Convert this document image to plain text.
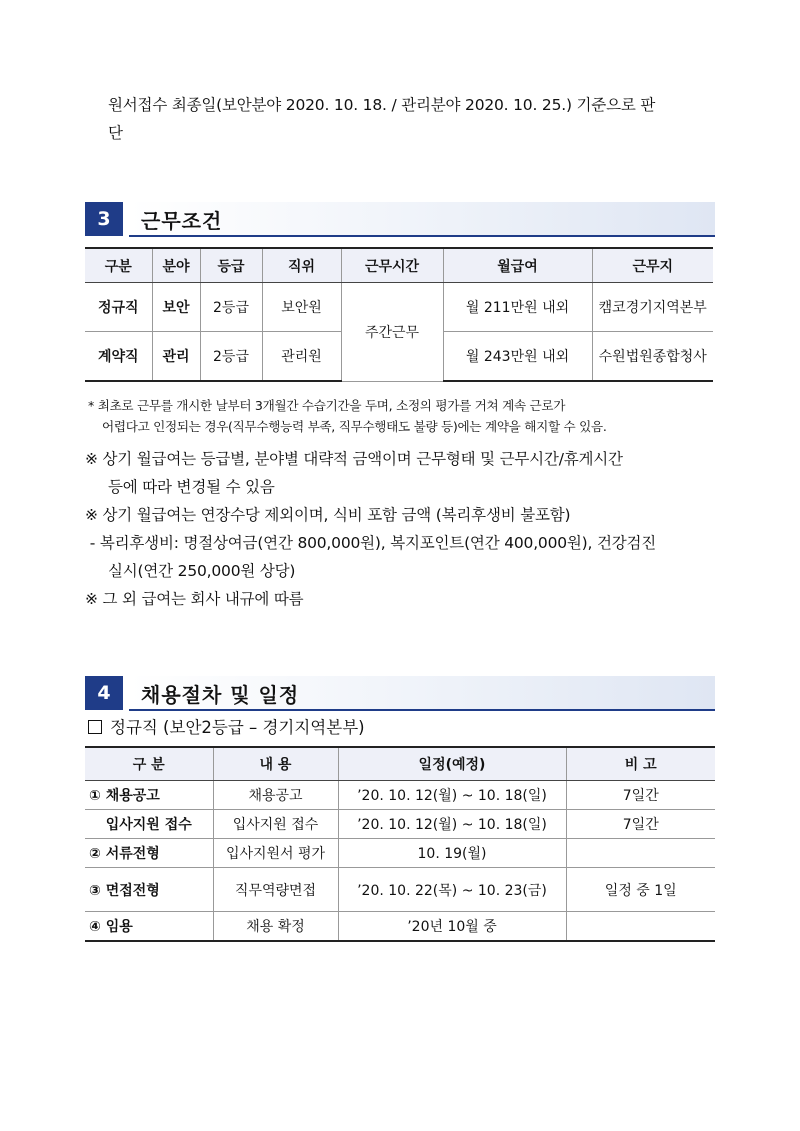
원서접수 최종일(보안분야 2020. 10. 18. / 관리분야 2020. 10. 25.) 기준으로 판
단
3	근무조건
구분	분야	등급	직위	근무시간	월급여	근무지
정규직	보안	2등급	보안원	주간근무	월 211만원 내외	캠코경기지역본부
계약직	관리	2등급	관리원		월 243만원 내외	수원법원종합청사
* 최초로 근무를 개시한 날부터 3개월간 수습기간을 두며, 소정의 평가를 거쳐 계속 근로가
어렵다고 인정되는 경우(직무수행능력 부족, 직무수행태도 불량 등)에는 계약을 해지할 수 있음.
※ 상기 월급여는 등급별, 분야별 대략적 금액이며 근무형태 및 근무시간/휴게시간
등에 따라 변경될 수 있음
※ 상기 월급여는 연장수당 제외이며, 식비 포함 금액 (복리후생비 불포함)
- 복리후생비: 명절상여금(연간 800,000원), 복지포인트(연간 400,000원), 건강검진
실시(연간 250,000원 상당)
※ 그 외 급여는 회사 내규에 따름
4	채용절차 및 일정
정규직 (보안2등급 – 경기지역본부)
구 분	내 용	일정(예정)	비 고
① 채용공고	채용공고	’20. 10. 12(월) ~ 10. 18(일)	7일간
입사지원 접수	입사지원 접수	’20. 10. 12(월) ~ 10. 18(일)	7일간
② 서류전형	입사지원서 평가	10. 19(월)	
③ 면접전형	직무역량면접	’20. 10. 22(목) ~ 10. 23(금)	일정 중 1일
④ 임용	채용 확정	’20년 10월 중	
